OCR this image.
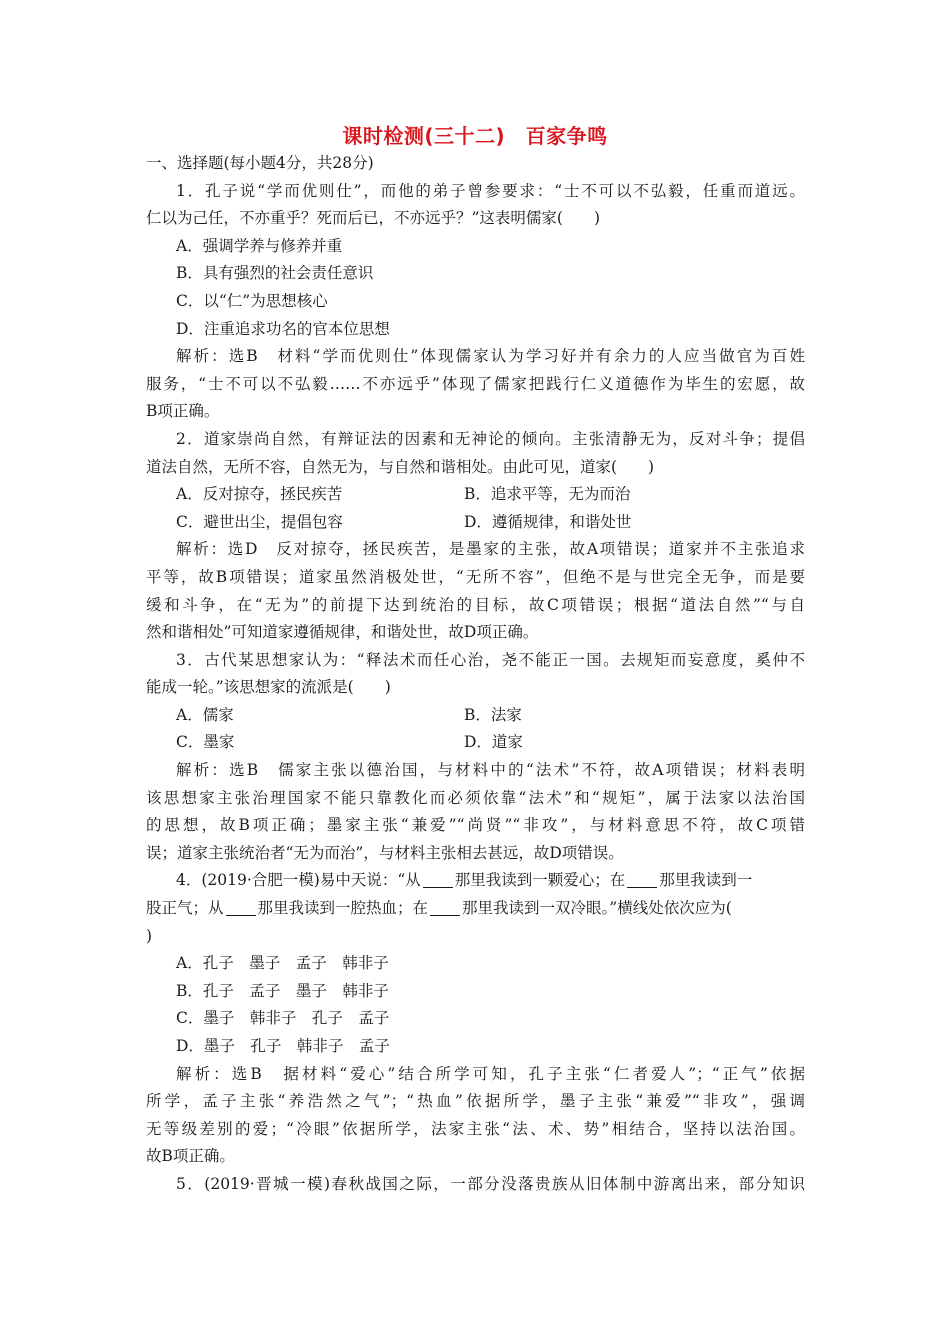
课时检测(三十二)　百家争鸣
一、选择题(每小题4分，共28分)
1．孔子说“学而优则仕”，而他的弟子曾参要求：“士不可以不弘毅，任重而道远。
仁以为己任，不亦重乎？死而后已，不亦远乎？”这表明儒家(　　)
A．强调学养与修养并重
B．具有强烈的社会责任意识
C．以“仁”为思想核心
D．注重追求功名的官本位思想
解析：选B　材料“学而优则仕”体现儒家认为学习好并有余力的人应当做官为百姓
服务，“士不可以不弘毅……不亦远乎”体现了儒家把践行仁义道德作为毕生的宏愿，故
B项正确。
2．道家崇尚自然，有辩证法的因素和无神论的倾向。主张清静无为，反对斗争；提倡
道法自然，无所不容，自然无为，与自然和谐相处。由此可见，道家(　　)
A．反对掠夺，拯民疾苦	B．追求平等，无为而治
C．避世出尘，提倡包容	D．遵循规律，和谐处世
解析：选D　反对掠夺，拯民疾苦，是墨家的主张，故A项错误；道家并不主张追求
平等，故B项错误；道家虽然消极处世，“无所不容”，但绝不是与世完全无争，而是要
缓和斗争，在“无为”的前提下达到统治的目标，故C项错误；根据“道法自然”“与自
然和谐相处”可知道家遵循规律，和谐处世，故D项正确。
3．古代某思想家认为：“释法术而任心治，尧不能正一国。去规矩而妄意度，奚仲不
能成一轮。”该思想家的流派是(　　)
A．儒家	B．法家
C．墨家	D．道家
解析：选B　儒家主张以德治国，与材料中的“法术”不符，故A项错误；材料表明
该思想家主张治理国家不能只靠教化而必须依靠“法术”和“规矩”，属于法家以法治国
的思想，故B项正确；墨家主张“兼爱”“尚贤”“非攻”，与材料意思不符，故C项错
误；道家主张统治者“无为而治”，与材料主张相去甚远，故D项错误。
4．(2019·合肥一模)易中天说：“从 那里我读到一颗爱心；在 那里我读到一
股正气；从 那里我读到一腔热血；在 那里我读到一双冷眼。”横线处依次应为(
)
A．孔子　墨子　孟子　韩非子
B．孔子　孟子　墨子　韩非子
C．墨子　韩非子　孔子　孟子
D．墨子　孔子　韩非子　孟子
解析：选B　据材料“爱心”结合所学可知，孔子主张“仁者爱人”；“正气”依据
所学，孟子主张“养浩然之气”；“热血”依据所学，墨子主张“兼爱”“非攻”，强调
无等级差别的爱；“冷眼”依据所学，法家主张“法、术、势”相结合，坚持以法治国。
故B项正确。
5．(2019·晋城一模)春秋战国之际，一部分没落贵族从旧体制中游离出来，部分知识
